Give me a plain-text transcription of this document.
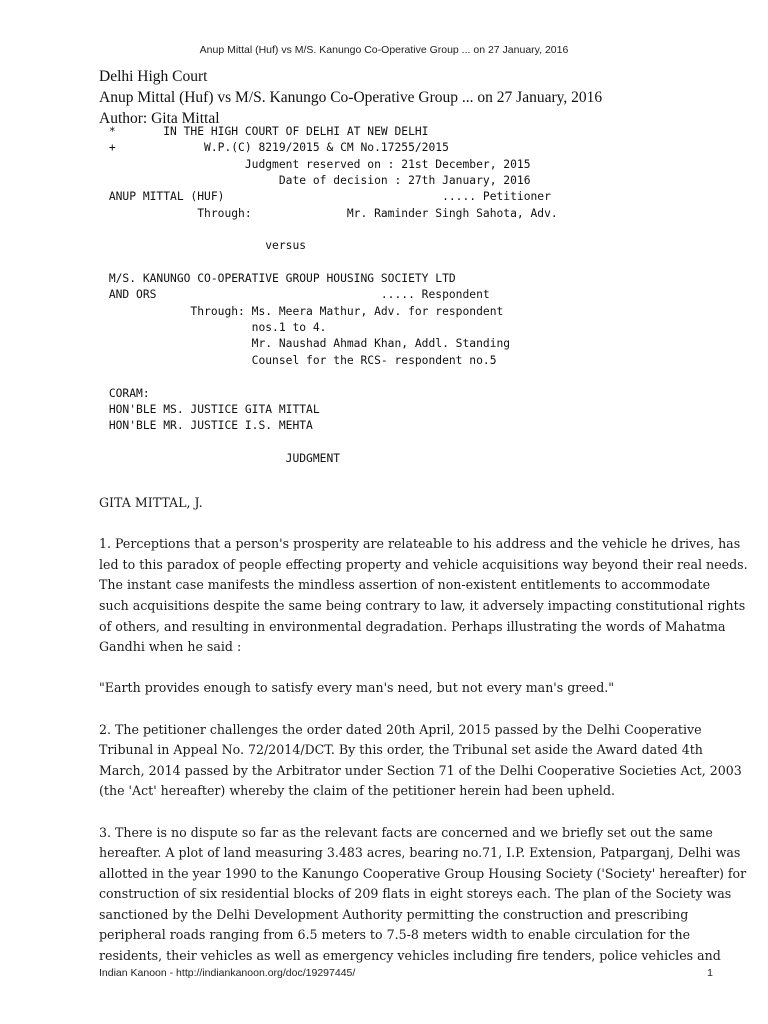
Anup Mittal (Huf) vs M/S. Kanungo Co-Operative Group ... on 27 January, 2016
Delhi High Court
Anup Mittal (Huf) vs M/S. Kanungo Co-Operative Group ... on 27 January, 2016
Author: Gita Mittal
*       IN THE HIGH COURT OF DELHI AT NEW DELHI
+             W.P.(C) 8219/2015 & CM No.17255/2015
Judgment reserved on : 21st December, 2015
Date of decision : 27th January, 2016
ANUP MITTAL (HUF)                                ..... Petitioner
Through:              Mr. Raminder Singh Sahota, Adv.
versus
M/S. KANUNGO CO-OPERATIVE GROUP HOUSING SOCIETY LTD
AND ORS                                 ..... Respondent
Through: Ms. Meera Mathur, Adv. for respondent
nos.1 to 4.
Mr. Naushad Ahmad Khan, Addl. Standing
Counsel for the RCS- respondent no.5
CORAM:
HON'BLE MS. JUSTICE GITA MITTAL
HON'BLE MR. JUSTICE I.S. MEHTA
JUDGMENT
GITA MITTAL, J.
1. Perceptions that a person's prosperity are relateable to his address and the vehicle he drives, has
led to this paradox of people effecting property and vehicle acquisitions way beyond their real needs.
The instant case manifests the mindless assertion of non-existent entitlements to accommodate
such acquisitions despite the same being contrary to law, it adversely impacting constitutional rights
of others, and resulting in environmental degradation. Perhaps illustrating the words of Mahatma
Gandhi when he said :
"Earth provides enough to satisfy every man's need, but not every man's greed."
2. The petitioner challenges the order dated 20th April, 2015 passed by the Delhi Cooperative
Tribunal in Appeal No. 72/2014/DCT. By this order, the Tribunal set aside the Award dated 4th
March, 2014 passed by the Arbitrator under Section 71 of the Delhi Cooperative Societies Act, 2003
(the 'Act' hereafter) whereby the claim of the petitioner herein had been upheld.
3. There is no dispute so far as the relevant facts are concerned and we briefly set out the same
hereafter. A plot of land measuring 3.483 acres, bearing no.71, I.P. Extension, Patparganj, Delhi was
allotted in the year 1990 to the Kanungo Cooperative Group Housing Society ('Society' hereafter) for
construction of six residential blocks of 209 flats in eight storeys each. The plan of the Society was
sanctioned by the Delhi Development Authority permitting the construction and prescribing
peripheral roads ranging from 6.5 meters to 7.5-8 meters width to enable circulation for the
residents, their vehicles as well as emergency vehicles including fire tenders, police vehicles and
Indian Kanoon - http://indiankanoon.org/doc/19297445/	1
